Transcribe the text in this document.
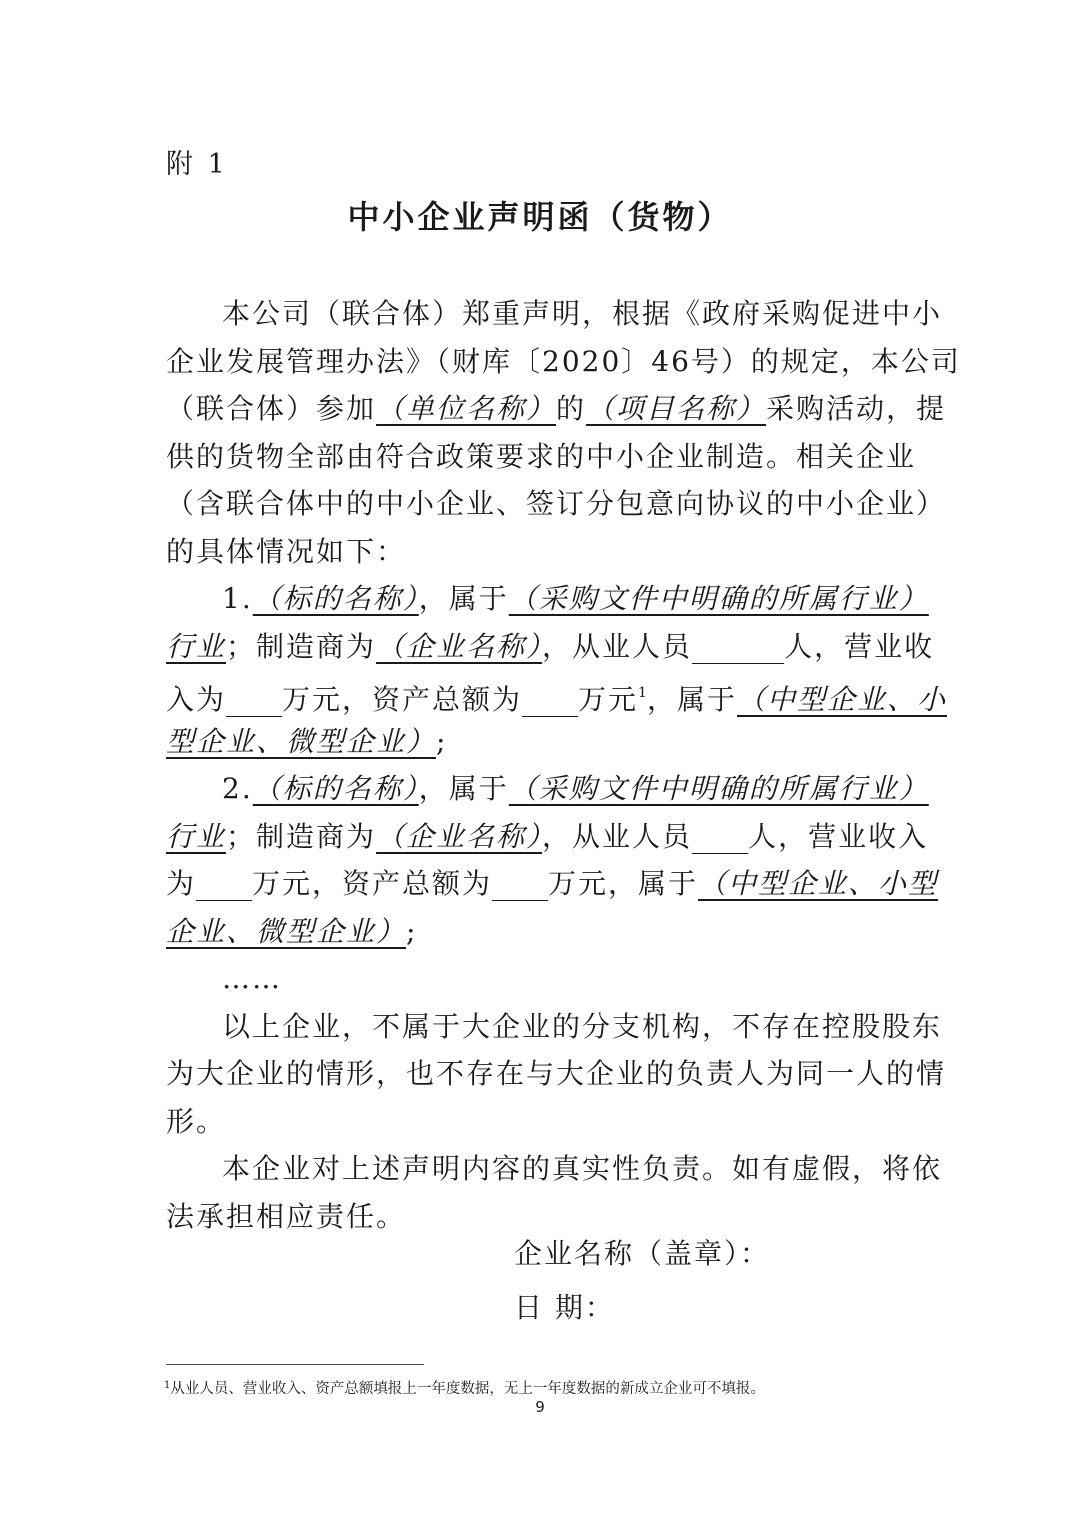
附 1
中小企业声明函（货物）
本公司（联合体）郑重声明，根据《政府采购促进中小
企业发展管理办法》（财库〔2020〕46号）的规定，本公司
（联合体）参加（单位名称）的（项目名称）采购活动，提
供的货物全部由符合政策要求的中小企业制造。相关企业
（含联合体中的中小企业、签订分包意向协议的中小企业）
的具体情况如下：
1.（标的名称），属于（采购文件中明确的所属行业）
行业；制造商为（企业名称），从业人员	人，营业收
入为 万元，资产总额为 万元$^1$，属于（中型企业、小
型企业、微型企业）;
2.（标的名称），属于（采购文件中明确的所属行业）
行业；制造商为（企业名称），从业人员 人，营业收入
为 万元，资产总额为 万元，属于（中型企业、小型
企业、微型企业）;
……
以上企业，不属于大企业的分支机构，不存在控股股东
为大企业的情形，也不存在与大企业的负责人为同一人的情
形。
本企业对上述声明内容的真实性负责。如有虚假，将依
法承担相应责任。
企业名称（盖章）：
日 期：
$^1$从业人员、营业收入、资产总额填报上一年度数据，无上一年度数据的新成立企业可不填报。
9
